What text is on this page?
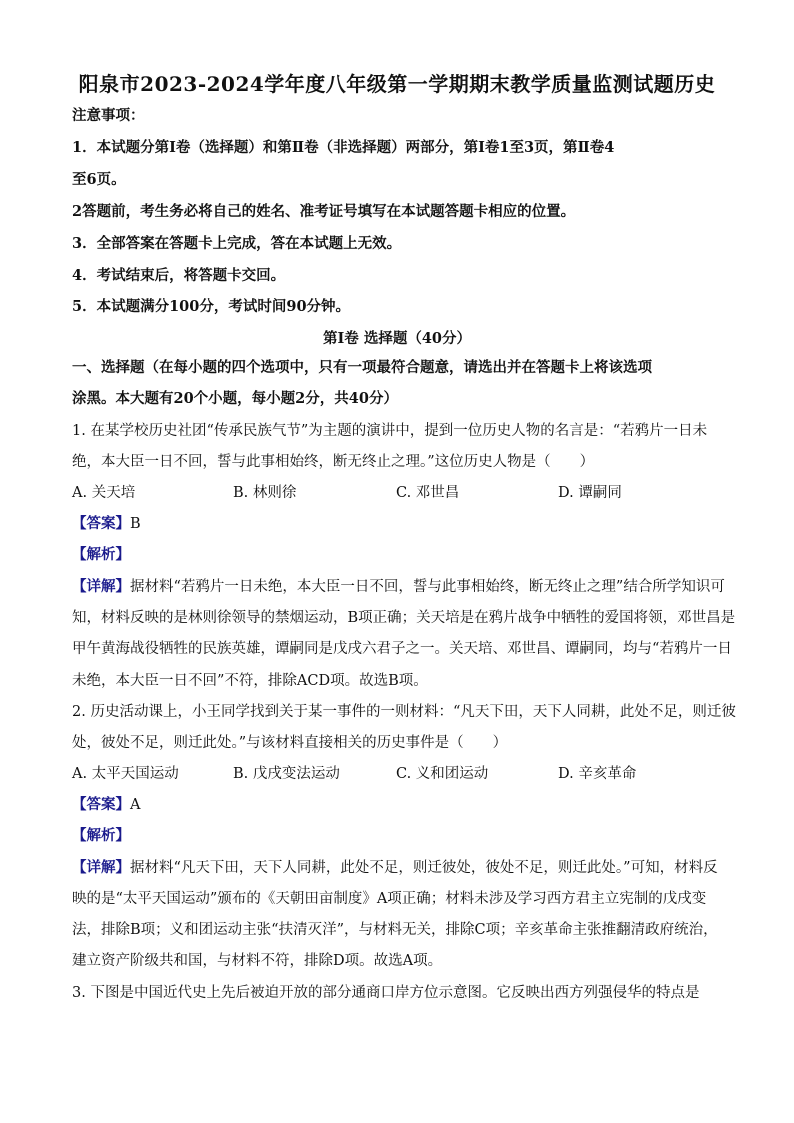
阳泉市2023-2024学年度八年级第一学期期末教学质量监测试题历史
注意事项：
1．本试题分第Ⅰ卷（选择题）和第Ⅱ卷（非选择题）两部分，第Ⅰ卷1至3页，第Ⅱ卷4
至6页。
2答题前，考生务必将自己的姓名、准考证号填写在本试题答题卡相应的位置。
3．全部答案在答题卡上完成，答在本试题上无效。
4．考试结束后，将答题卡交回。
5．本试题满分100分，考试时间90分钟。
第Ⅰ卷 选择题（40分）
一、选择题（在每小题的四个选项中，只有一项最符合题意，请选出并在答题卡上将该选项
涂黑。本大题有20个小题，每小题2分，共40分）
1. 在某学校历史社团“传承民族气节”为主题的演讲中，提到一位历史人物的名言是：“若鸦片一日未
绝，本大臣一日不回，誓与此事相始终，断无终止之理。”这位历史人物是（　　）
A. 关天培	B. 林则徐	C. 邓世昌	D. 谭嗣同
【答案】B
【解析】
【详解】据材料“若鸦片一日未绝，本大臣一日不回，誓与此事相始终，断无终止之理”结合所学知识可
知，材料反映的是林则徐领导的禁烟运动，B项正确；关天培是在鸦片战争中牺牲的爱国将领，邓世昌是
甲午黄海战役牺牲的民族英雄，谭嗣同是戊戌六君子之一。关天培、邓世昌、谭嗣同，均与“若鸦片一日
未绝，本大臣一日不回”不符，排除ACD项。故选B项。
2. 历史活动课上，小王同学找到关于某一事件的一则材料：“凡天下田，天下人同耕，此处不足，则迁彼
处，彼处不足，则迁此处。”与该材料直接相关的历史事件是（　　）
A. 太平天国运动	B. 戊戌变法运动	C. 义和团运动	D. 辛亥革命
【答案】A
【解析】
【详解】据材料“凡天下田，天下人同耕，此处不足，则迁彼处，彼处不足，则迁此处。”可知，材料反
映的是“太平天国运动”颁布的《天朝田亩制度》A项正确；材料未涉及学习西方君主立宪制的戊戌变
法，排除B项；义和团运动主张“扶清灭洋”，与材料无关，排除C项；辛亥革命主张推翻清政府统治，
建立资产阶级共和国，与材料不符，排除D项。故选A项。
3. 下图是中国近代史上先后被迫开放的部分通商口岸方位示意图。它反映出西方列强侵华的特点是
